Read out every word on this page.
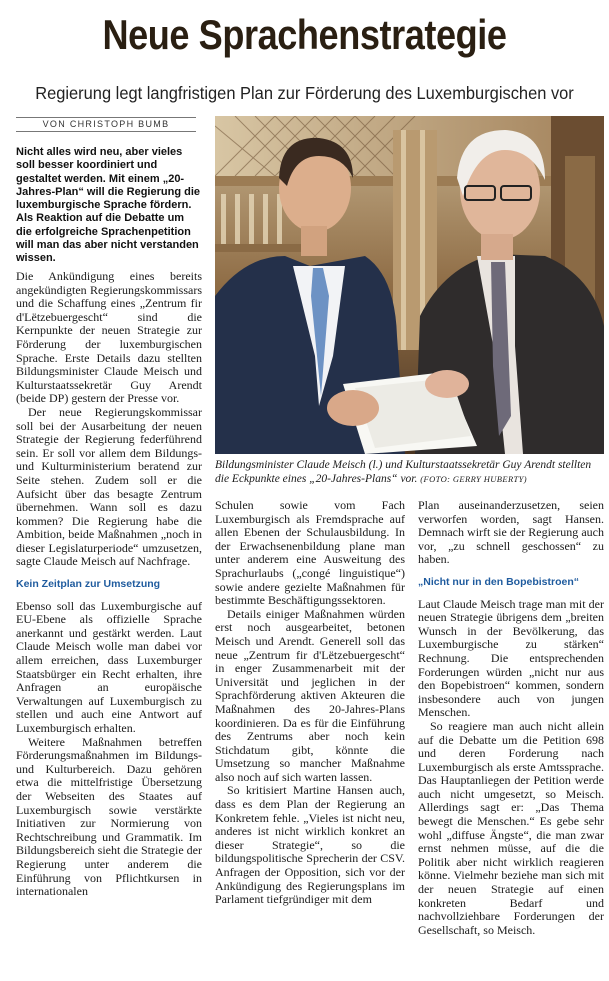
Neue Sprachenstrategie
Regierung legt langfristigen Plan zur Förderung des Luxemburgischen vor
VON CHRISTOPH BUMB
Nicht alles wird neu, aber vieles soll besser koordiniert und gestaltet werden. Mit einem „20-Jahres-Plan“ will die Regierung die luxemburgische Sprache fördern. Als Reaktion auf die Debatte um die erfolgreiche Sprachenpetition will man das aber nicht verstanden wissen.

Die Ankündigung eines bereits angekündigten Regierungskommissars und die Schaffung eines „Zentrum fir d'Lëtzebuergescht“ sind die Kernpunkte der neuen Strategie zur Förderung der luxemburgischen Sprache. Erste Details dazu stellten Bildungsminister Claude Meisch und Kulturstaatssekretär Guy Arendt (beide DP) gestern der Presse vor.

Der neue Regierungskommissar soll bei der Ausarbeitung der neuen Strategie der Regierung federführend sein. Er soll vor allem dem Bildungs- und Kulturministerium beratend zur Seite stehen. Zudem soll er die Aufsicht über das besagte Zentrum übernehmen. Wann soll es dazu kommen? Die Regierung habe die Ambition, beide Maßnahmen „noch in dieser Legislaturperiode“ umzusetzen, sagte Claude Meisch auf Nachfrage.

Kein Zeitplan zur Umsetzung

Ebenso soll das Luxemburgische auf EU-Ebene als offizielle Sprache anerkannt und gestärkt werden. Laut Claude Meisch wolle man dabei vor allem erreichen, dass Luxemburger Staatsbürger ein Recht erhalten, ihre Anfragen an europäische Verwaltungen auf Luxemburgisch zu stellen und auch eine Antwort auf Luxemburgisch erhalten.

Weitere Maßnahmen betreffen Förderungsmaßnahmen im Bildungs- und Kulturbereich. Dazu gehören etwa die mittelfristige Übersetzung der Webseiten des Staates auf Luxemburgisch sowie verstärkte Initiativen zur Normierung von Rechtschreibung und Grammatik. Im Bildungsbereich sieht die Strategie der Regierung unter anderem die Einführung von Pflichtkursen in internationalen

Bildungsminister Claude Meisch (l.) und Kulturstaatssekretär Guy Arendt stellten die Eckpunkte eines „20-Jahres-Plans“ vor. (FOTO: GERRY HUBERTY)

Schulen sowie vom Fach Luxemburgisch als Fremdsprache auf allen Ebenen der Schulausbildung. In der Erwachsenenbildung plane man unter anderem eine Ausweitung des Sprachurlaubs („congé linguistique“) sowie andere gezielte Maßnahmen für bestimmte Beschäftigungssektoren.

Details einiger Maßnahmen würden erst noch ausgearbeitet, betonen Meisch und Arendt. Generell soll das neue „Zentrum fir d'Lëtzebuergescht“ in enger Zusammenarbeit mit der Universität und jeglichen in der Sprachförderung aktiven Akteuren die Maßnahmen des 20-Jahres-Plans koordinieren. Da es für die Einführung des Zentrums aber noch kein Stichdatum gibt, könnte die Umsetzung so mancher Maßnahme also noch auf sich warten lassen.

So kritisiert Martine Hansen auch, dass es dem Plan der Regierung an Konkretem fehle. „Vieles ist nicht neu, anderes ist nicht wirklich konkret an dieser Strategie“, so die bildungspolitische Sprecherin der CSV. Anfragen der Opposition, sich vor der Ankündigung des Regierungsplans im Parlament tiefgründiger mit dem

Plan auseinanderzusetzen, seien verworfen worden, sagt Hansen. Demnach wirft sie der Regierung auch vor, „zu schnell geschossen“ zu haben.

„Nicht nur in den Bopebistroen“

Laut Claude Meisch trage man mit der neuen Strategie übrigens dem „breiten Wunsch in der Bevölkerung, das Luxemburgische zu stärken“ Rechnung. Die entsprechenden Forderungen würden „nicht nur aus den Bopebistroen“ kommen, sondern insbesondere auch von jungen Menschen.

So reagiere man auch nicht allein auf die Debatte um die Petition 698 und deren Forderung nach Luxemburgisch als erste Amtssprache. Das Hauptanliegen der Petition werde auch nicht umgesetzt, so Meisch. Allerdings sagt er: „Das Thema bewegt die Menschen.“ Es gebe sehr wohl „diffuse Ängste“, die man zwar ernst nehmen müsse, auf die die Politik aber nicht wirklich reagieren könne. Vielmehr beziehe man sich mit der neuen Strategie auf einen konkreten Bedarf und nachvollziehbare Forderungen der Gesellschaft, so Meisch.
